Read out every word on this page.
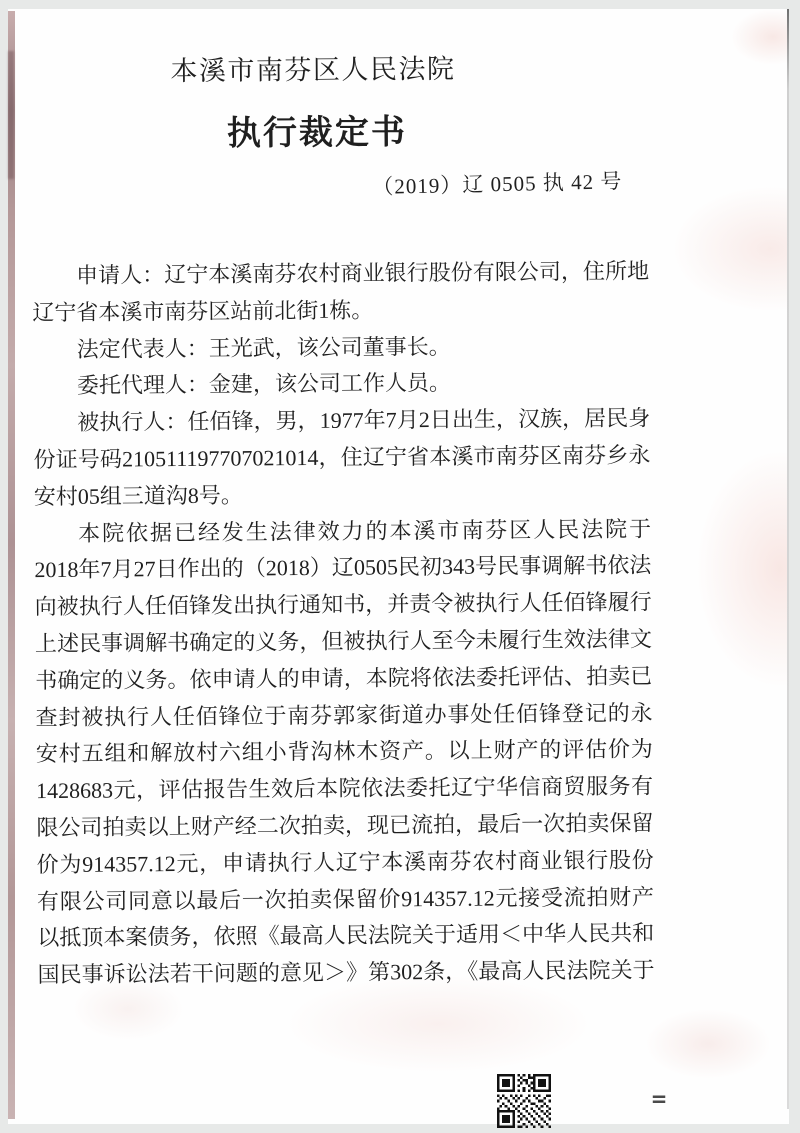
本溪市南芬区人民法院
执行裁定书
（2019）辽 0505 执 42 号
申请人：辽宁本溪南芬农村商业银行股份有限公司，住所地
辽宁省本溪市南芬区站前北街1栋。
法定代表人：王光武，该公司董事长。
委托代理人：金建，该公司工作人员。
被执行人：任佰锋，男，1977年7月2日出生，汉族，居民身
份证号码210511197707021014，住辽宁省本溪市南芬区南芬乡永
安村05组三道沟8号。
本院依据已经发生法律效力的本溪市南芬区人民法院于
2018年7月27日作出的（2018）辽0505民初343号民事调解书依法
向被执行人任佰锋发出执行通知书，并责令被执行人任佰锋履行
上述民事调解书确定的义务，但被执行人至今未履行生效法律文
书确定的义务。依申请人的申请，本院将依法委托评估、拍卖已
查封被执行人任佰锋位于南芬郭家街道办事处任佰锋登记的永
安村五组和解放村六组小背沟林木资产。以上财产的评估价为
1428683元，评估报告生效后本院依法委托辽宁华信商贸服务有
限公司拍卖以上财产经二次拍卖，现已流拍，最后一次拍卖保留
价为914357.12元，申请执行人辽宁本溪南芬农村商业银行股份
有限公司同意以最后一次拍卖保留价914357.12元接受流拍财产
以抵顶本案债务，依照《最高人民法院关于适用＜中华人民共和
国民事诉讼法若干问题的意见＞》第302条，《最高人民法院关于
=
